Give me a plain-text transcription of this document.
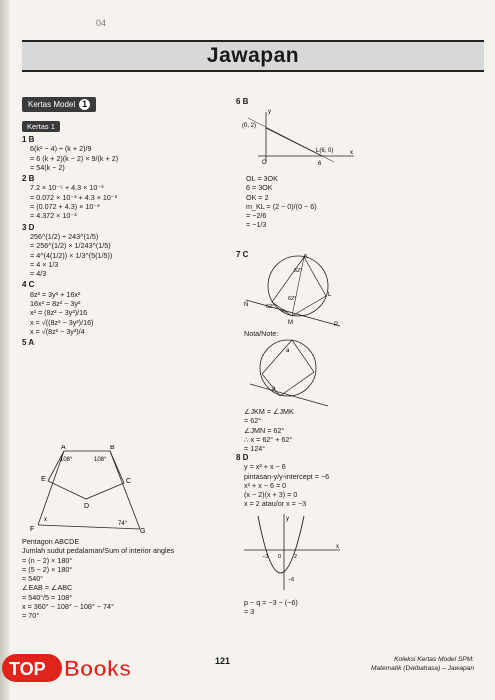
04
Jawapan
Kertas Model 1
Kertas 1
1 B
6(k² − 4) ÷ (k + 2)/9
= 6 (k + 2)(k − 2) × 9/(k + 2)
= 54(k − 2)
2 B
7.2 × 10⁻⁵ + 4.3 × 10⁻³
= 0.072 × 10⁻³ + 4.3 × 10⁻³
= (0.072 + 4.3) × 10⁻³
= 4.372 × 10⁻³
3 D
256^(1/2) ÷ 243^(1/5)
= 256^(1/2) × 1/243^(1/5)
= 4^(4(1/2)) × 1/3^(5(1/5))
= 4 × 1/3
= 4/3
4 C
8z² = 3y² + 16x²
16x² = 8z² − 3y²
x² = (8z² − 3y²)/16
x = √((8z² − 3y²)/16)
x = √(8z² − 3y²)/4
5 A
A	B
C
D
E
F	G
108°	108°
x
74°
Pentagon ABCDE
Jumlah sudut pedalaman/Sum of interior angles
= (n − 2) × 180°
= (5 − 2) × 180°
= 540°
∠EAB = ∠ABC
= 540°/5 = 108°
x = 360° − 108° − 108° − 74°
= 70°
6 B
(0, 2)
L(6, 0)
O	6
x
y
OL = 3OK
6 = 3OK
OK = 2
m_KL = (2 − 0)/(0 − 6)
= −2/6
= −1/3
7 C	K
L
M
N
P
62°
62°
62°
x
Nota/Note:
a
a
∠JKM = ∠JMK
= 62°
∠JMN = 62°
∴ x = 62° + 62°
= 124°
8 D
y = x² + x − 6
pintasan-y/y-intercept = −6
x² + x − 6 = 0
(x − 2)(x + 3) = 0
x = 2 atau/or x = −3
y
x
−3 0 2
−6
p − q = −3 − (−6)
= 3
TOP Books	121	Koleksi Kertas Model SPM:
Matematik (Dwibahasa) – Jawapan
